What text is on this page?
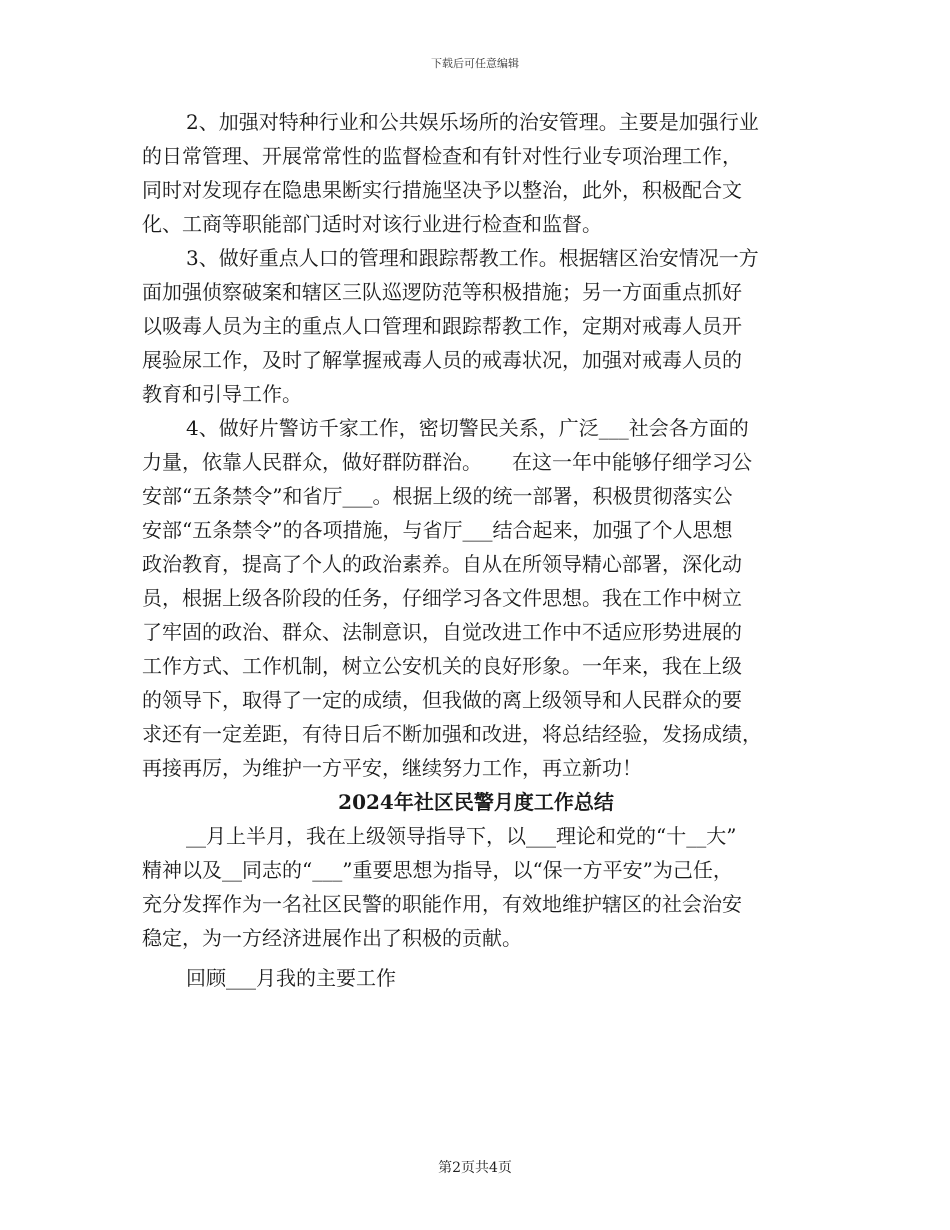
下载后可任意编辑

2、加强对特种行业和公共娱乐场所的治安管理。主要是加强行业
的日常管理、开展常常性的监督检查和有针对性行业专项治理工作，
同时对发现存在隐患果断实行措施坚决予以整治，此外，积极配合文
化、工商等职能部门适时对该行业进行检查和监督。

3、做好重点人口的管理和跟踪帮教工作。根据辖区治安情况一方
面加强侦察破案和辖区三队巡逻防范等积极措施；另一方面重点抓好
以吸毒人员为主的重点人口管理和跟踪帮教工作，定期对戒毒人员开
展验尿工作，及时了解掌握戒毒人员的戒毒状况，加强对戒毒人员的
教育和引导工作。

4、做好片警访千家工作，密切警民关系，广泛___社会各方面的
力量，依靠人民群众，做好群防群治。　　在这一年中能够仔细学习公
安部“五条禁令”和省厅___。根据上级的统一部署，积极贯彻落实公
安部“五条禁令”的各项措施，与省厅___结合起来，加强了个人思想
政治教育，提高了个人的政治素养。自从在所领导精心部署，深化动
员，根据上级各阶段的任务，仔细学习各文件思想。我在工作中树立
了牢固的政治、群众、法制意识，自觉改进工作中不适应形势进展的
工作方式、工作机制，树立公安机关的良好形象。一年来，我在上级
的领导下，取得了一定的成绩，但我做的离上级领导和人民群众的要
求还有一定差距，有待日后不断加强和改进，将总结经验，发扬成绩，
再接再厉，为维护一方平安，继续努力工作，再立新功！

2024年社区民警月度工作总结

__月上半月，我在上级领导指导下，以___理论和党的“十__大”
精神以及__同志的“___”重要思想为指导，以“保一方平安”为己任，
充分发挥作为一名社区民警的职能作用，有效地维护辖区的社会治安
稳定，为一方经济进展作出了积极的贡献。

回顾___月我的主要工作

第2页共4页
